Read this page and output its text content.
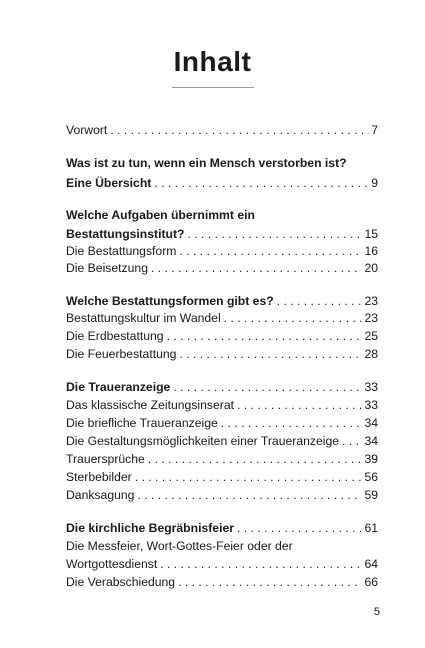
Inhalt
Vorwort . . .	7
Was ist zu tun, wenn ein Mensch verstorben ist?
Eine Übersicht . . .	9
Welche Aufgaben übernimmt ein
Bestattungsinstitut? . . .	15
Die Bestattungsform . . .	16
Die Beisetzung . . .	20
Welche Bestattungsformen gibt es? . . .	23
Bestattungskultur im Wandel . . .	23
Die Erdbestattung . . .	25
Die Feuerbestattung . . .	28
Die Traueranzeige . . .	33
Das klassische Zeitungsinserat . . .	33
Die briefliche Traueranzeige . . .	34
Die Gestaltungsmöglichkeiten einer Traueranzeige . . . 34
Trauersprüche . . .	39
Sterbebilder . . .	56
Danksagung . . .	59
Die kirchliche Begräbnisfeier . . .	61
Die Messfeier, Wort-Gottes-Feier oder der
Wortgottesdienst . . .	64
Die Verabschiedung . . .	66
5
